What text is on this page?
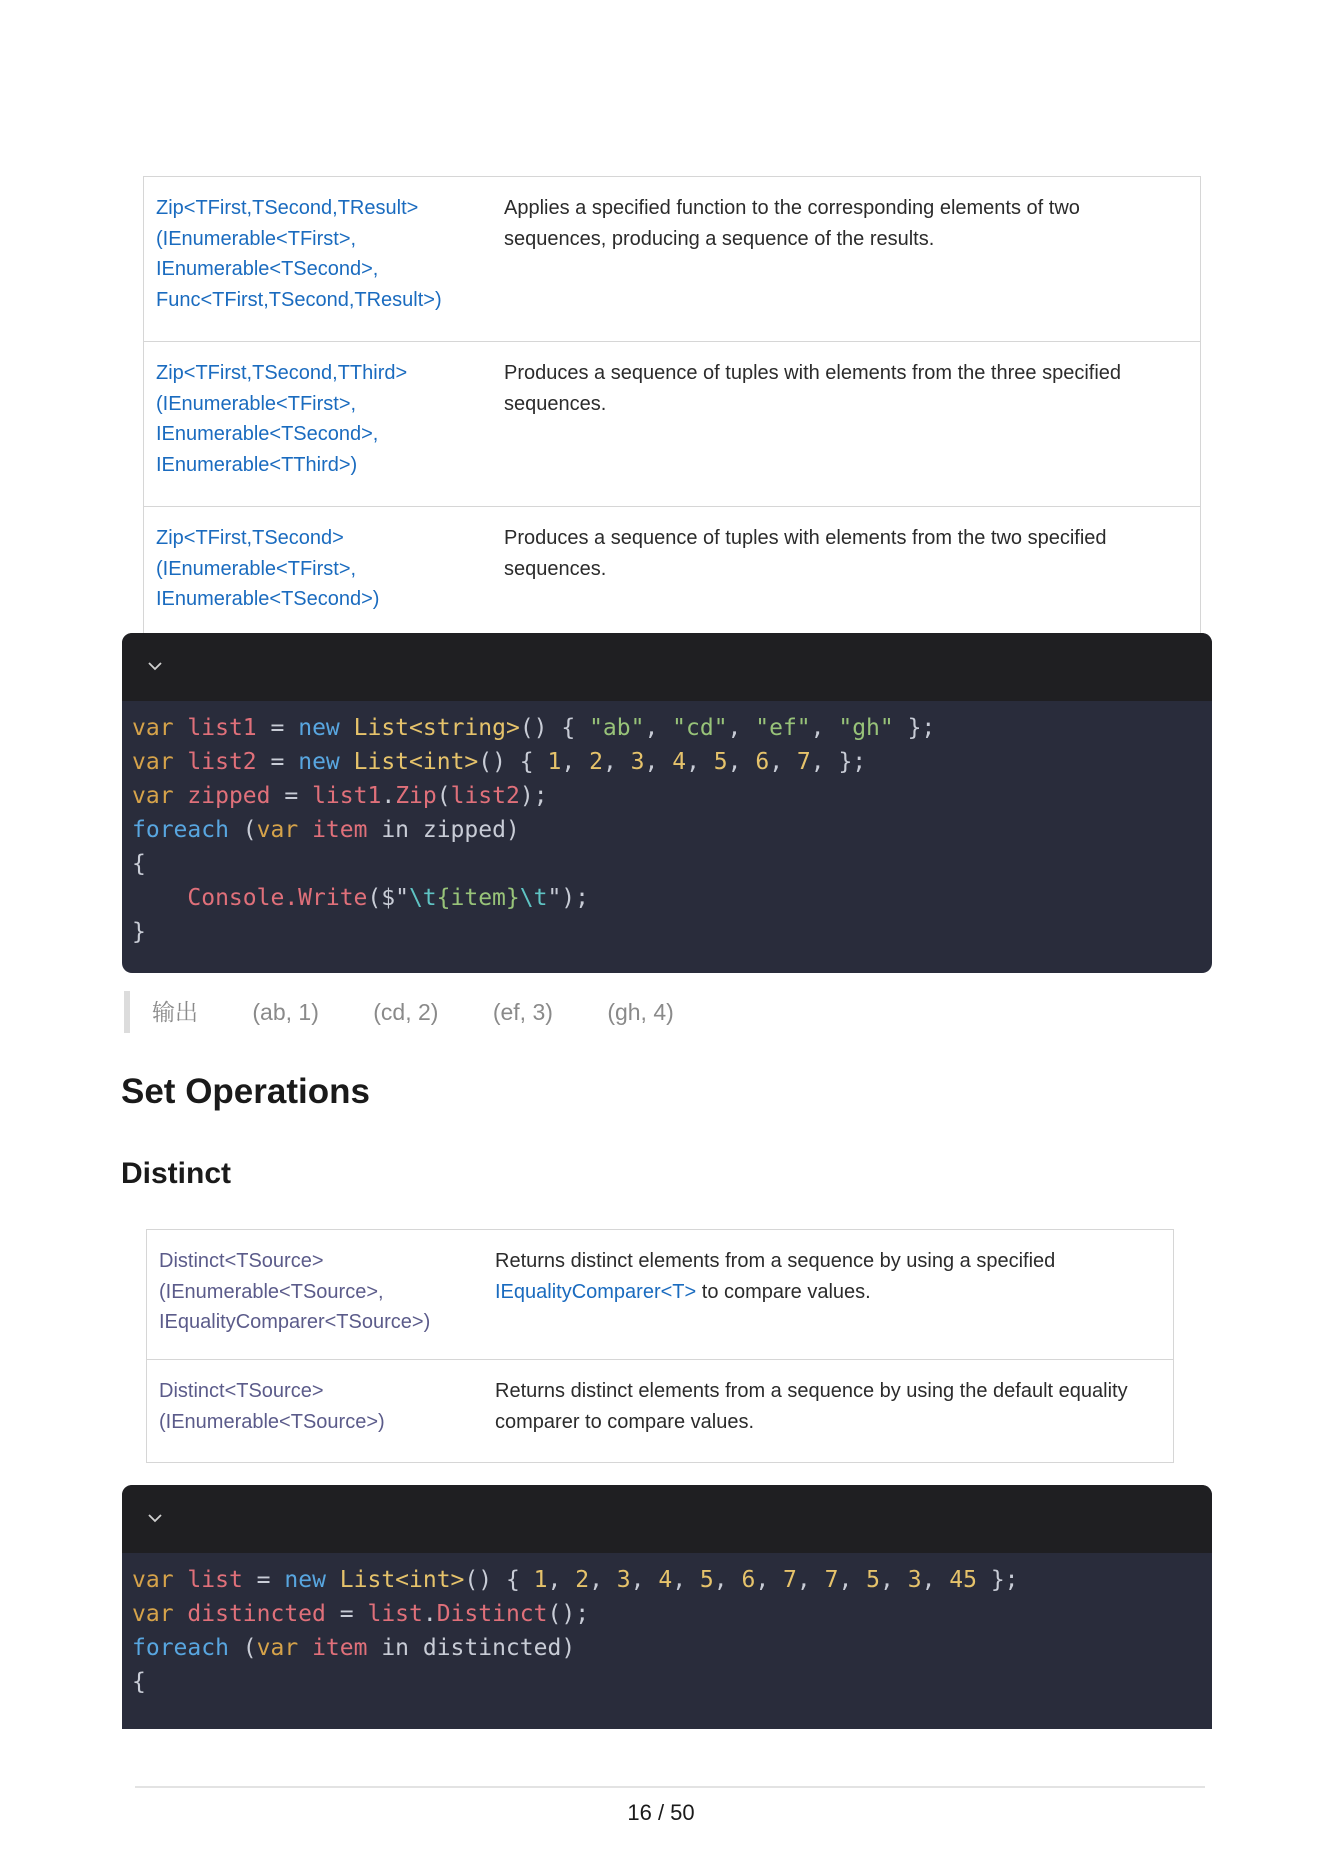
Zip<TFirst,TSecond,TResult>
(IEnumerable<TFirst>,
IEnumerable<TSecond>,
Func<TFirst,TSecond,TResult>)	Applies a specified function to the corresponding elements of two
sequences, producing a sequence of the results.

Zip<TFirst,TSecond,TThird>
(IEnumerable<TFirst>,
IEnumerable<TSecond>,
IEnumerable<TThird>)	Produces a sequence of tuples with elements from the three specified
sequences.

Zip<TFirst,TSecond>
(IEnumerable<TFirst>,
IEnumerable<TSecond>)	Produces a sequence of tuples with elements from the two specified
sequences.
var list1 = new List<string>() { "ab", "cd", "ef", "gh" };
var list2 = new List<int>() { 1, 2, 3, 4, 5, 6, 7, };
var zipped = list1.Zip(list2);
foreach (var item in zipped)
{
Console.Write($"\t{item}\t");
}
输出 (ab, 1) (cd, 2) (ef, 3) (gh, 4)
Set Operations
Distinct
Distinct<TSource>
(IEnumerable<TSource>,
IEqualityComparer<TSource>)	Returns distinct elements from a sequence by using a specified
IEqualityComparer<T> to compare values.

Distinct<TSource>
(IEnumerable<TSource>)	Returns distinct elements from a sequence by using the default equality
comparer to compare values.
var list = new List<int>() { 1, 2, 3, 4, 5, 6, 7, 7, 5, 3, 45 };
var distincted = list.Distinct();
foreach (var item in distincted)
{
16 / 50
